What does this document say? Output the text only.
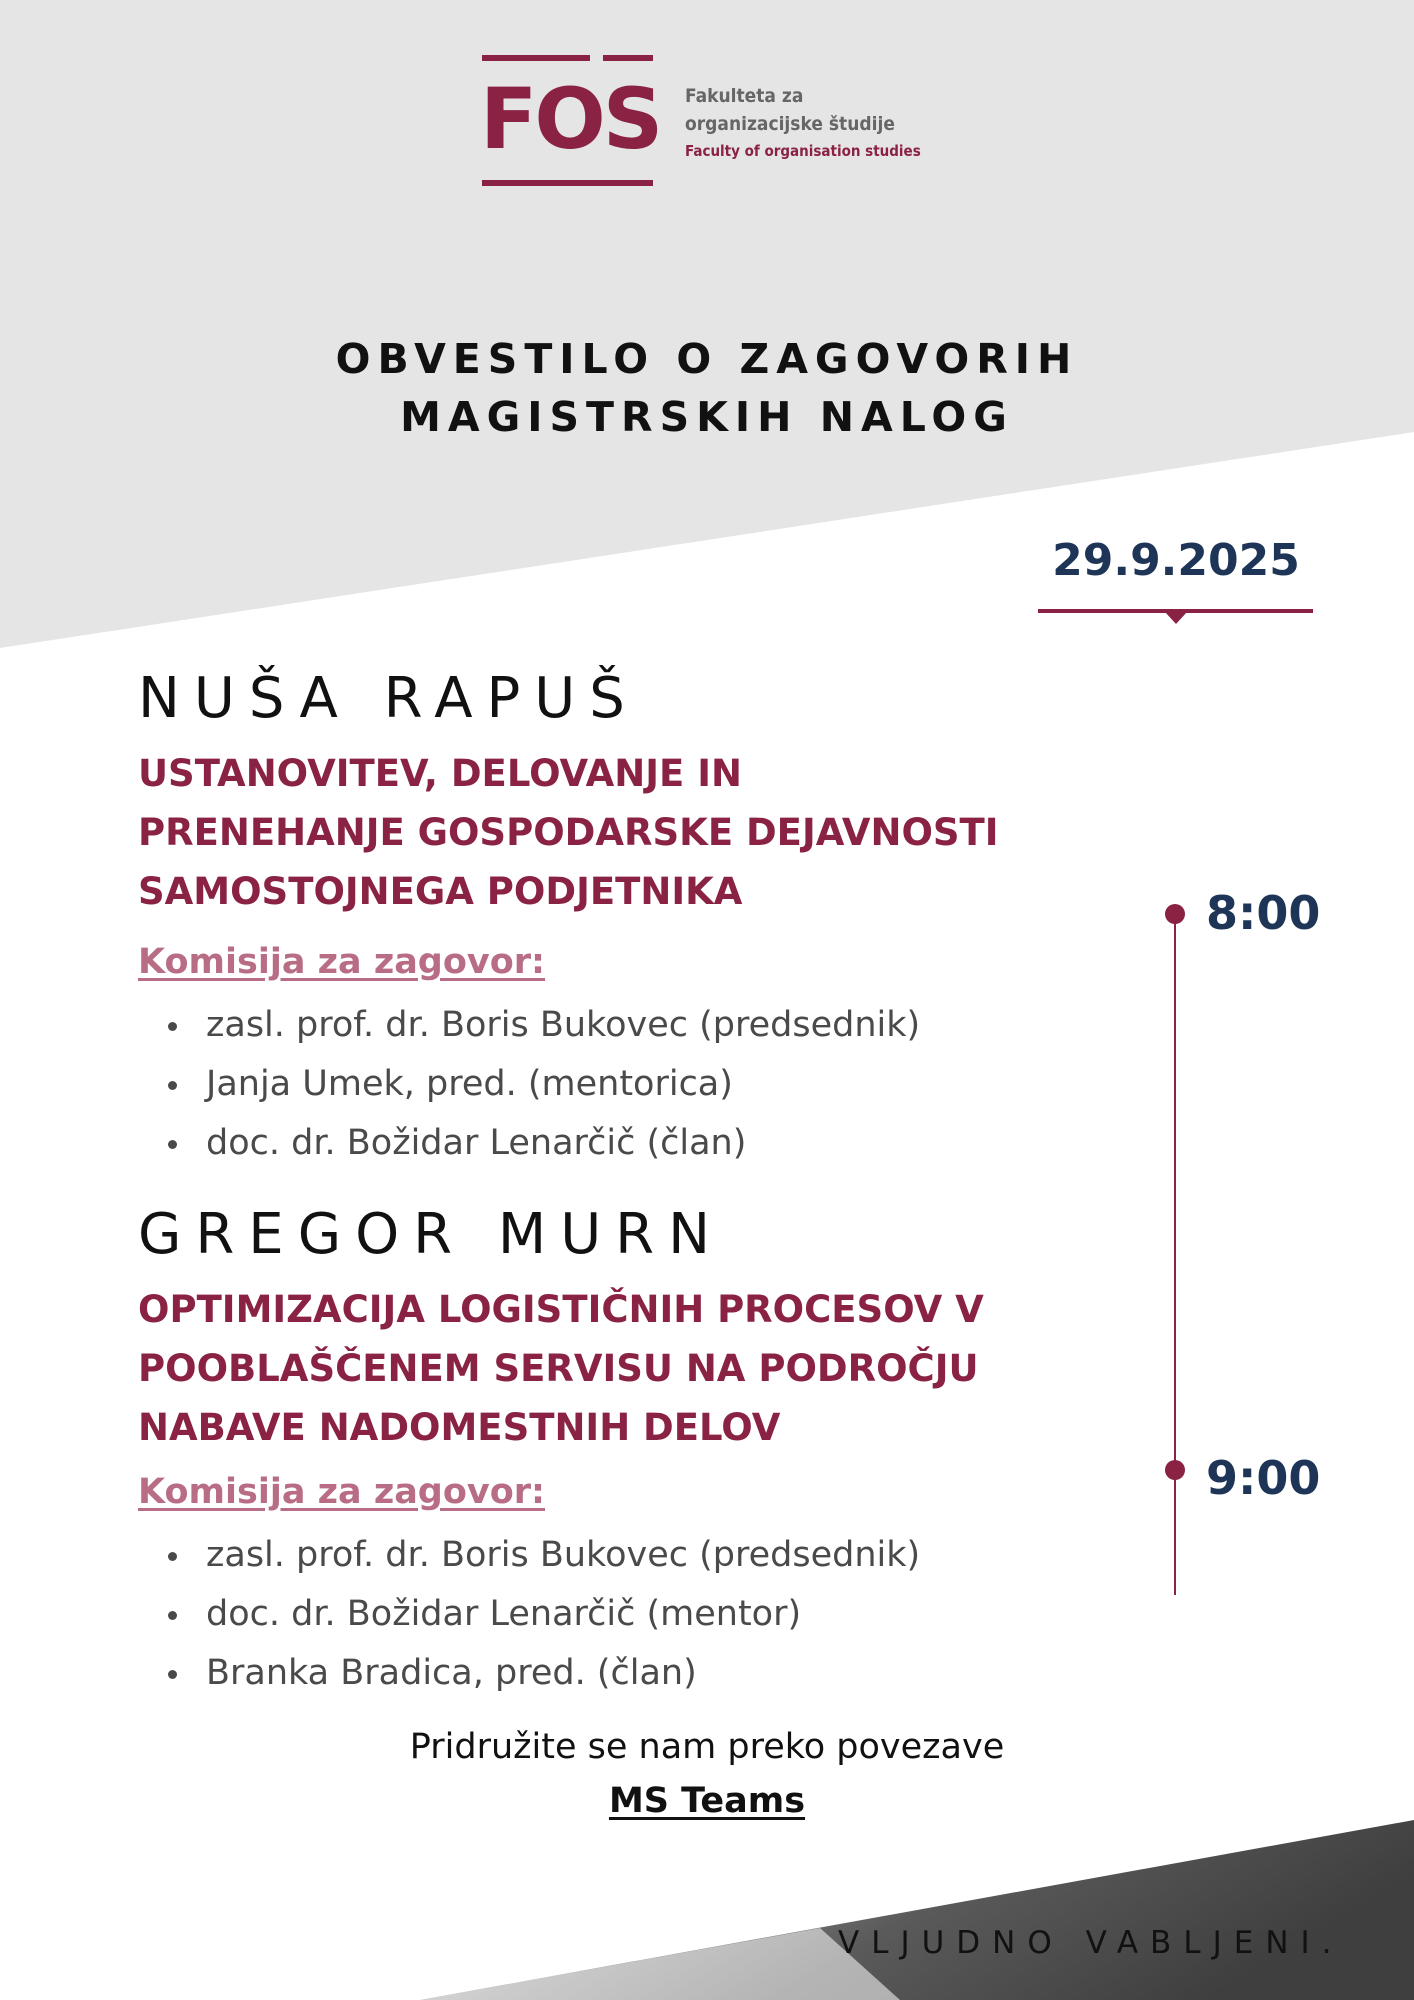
FOS Fakulteta za
organizacijske študije
Faculty of organisation studies
OBVESTILO O ZAGOVORIH
MAGISTRSKIH NALOG
29.9.2025
8:00
9:00
NUŠA RAPUŠ
USTANOVITEV, DELOVANJE IN
PRENEHANJE GOSPODARSKE DEJAVNOSTI
SAMOSTOJNEGA PODJETNIKA
Komisija za zagovor:
zasl. prof. dr. Boris Bukovec (predsednik)
Janja Umek, pred. (mentorica)
doc. dr. Božidar Lenarčič (član)
GREGOR MURN
OPTIMIZACIJA LOGISTIČNIH PROCESOV V
POOBLAŠČENEM SERVISU NA PODROČJU
NABAVE NADOMESTNIH DELOV
Komisija za zagovor:
zasl. prof. dr. Boris Bukovec (predsednik)
doc. dr. Božidar Lenarčič (mentor)
Branka Bradica, pred. (član)
Pridružite se nam preko povezave
MS Teams
VLJUDNO VABLJENI.
